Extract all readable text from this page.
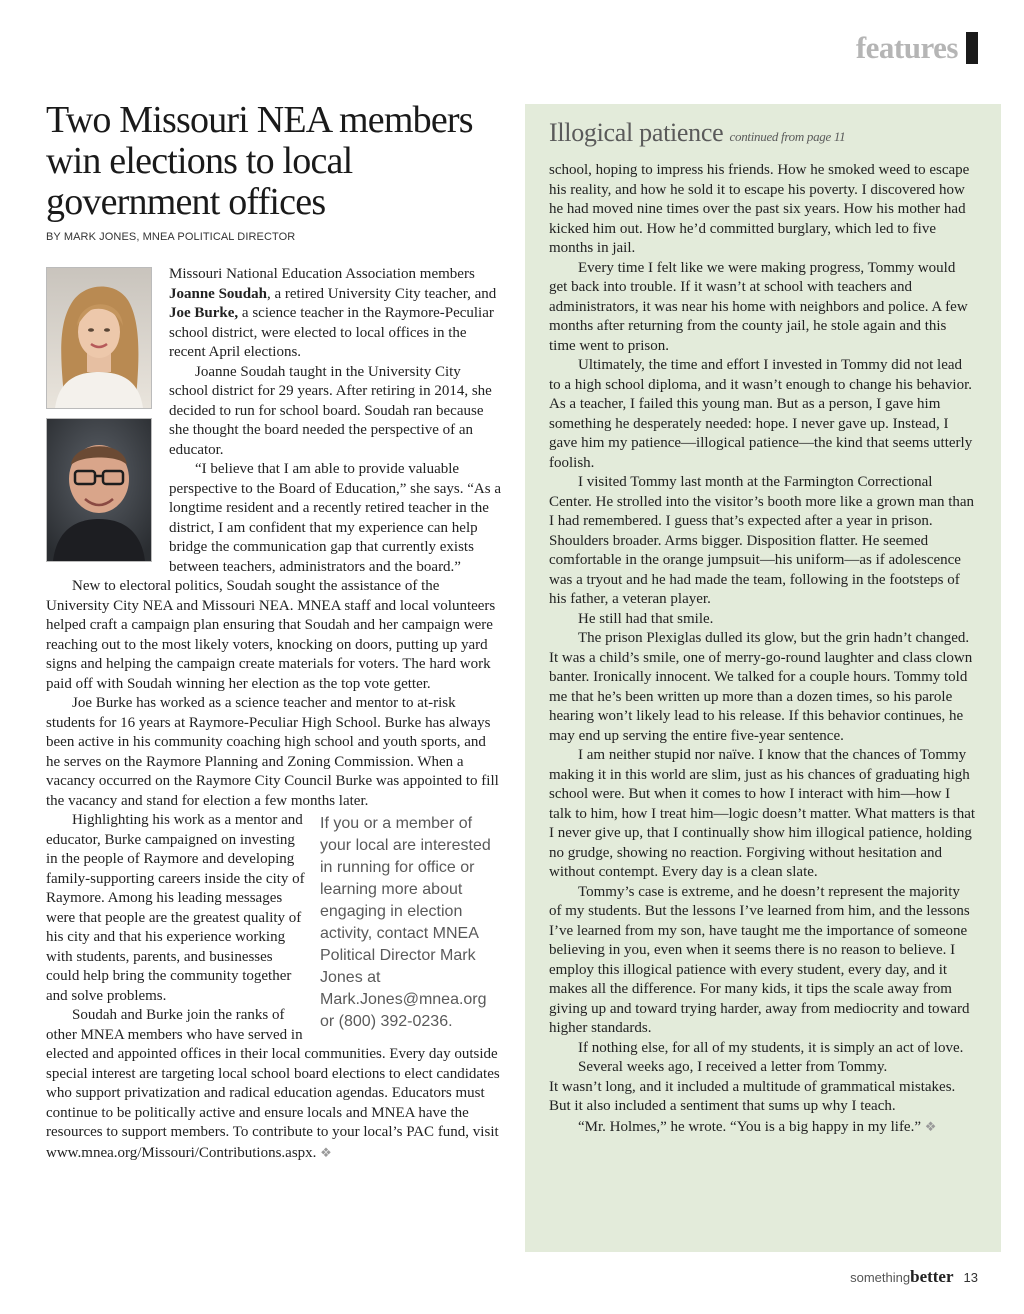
features
Two Missouri NEA members win elections to local government offices
BY MARK JONES, MNEA POLITICAL DIRECTOR

Missouri National Education Association members Joanne Soudah, a retired University City teacher, and Joe Burke, a science teacher in the Raymore-Peculiar school district, were elected to local offices in the recent April elections.

Joanne Soudah taught in the University City school district for 29 years. After retiring in 2014, she decided to run for school board. Soudah ran because she thought the board needed the perspective of an educator.

“I believe that I am able to provide valuable perspective to the Board of Education,” she says. “As a longtime resident and a recently retired teacher in the district, I am confident that my experience can help bridge the communication gap that currently exists between teachers, administrators and the board.”

New to electoral politics, Soudah sought the assistance of the University City NEA and Missouri NEA. MNEA staff and local volunteers helped craft a campaign plan ensuring that Soudah and her campaign were reaching out to the most likely voters, knocking on doors, putting up yard signs and helping the campaign create materials for voters. The hard work paid off with Soudah winning her election as the top vote getter.

Joe Burke has worked as a science teacher and mentor to at-risk students for 16 years at Raymore-Peculiar High School. Burke has always been active in his community coaching high school and youth sports, and he serves on the Raymore Planning and Zoning Commission. When a vacancy occurred on the Raymore City Council Burke was appointed to fill the vacancy and stand for election a few months later.

If you or a member of your local are interested in running for office or learning more about engaging in election activity, contact MNEA Political Director Mark Jones at Mark.Jones@mnea.org or (800) 392-0236.

Highlighting his work as a mentor and educator, Burke campaigned on investing in the people of Raymore and developing family-supporting careers inside the city of Raymore. Among his leading messages were that people are the greatest quality of his city and that his experience working with students, parents, and businesses could help bring the community together and solve problems.

Soudah and Burke join the ranks of other MNEA members who have served in elected and appointed offices in their local communities. Every day outside special interest are targeting local school board elections to elect candidates who support privatization and radical education agendas. Educators must continue to be politically active and ensure locals and MNEA have the resources to support members. To contribute to your local’s PAC fund, visit www.mnea.org/Missouri/Contributions.aspx. ❖

Illogical patience continued from page 11

school, hoping to impress his friends. How he smoked weed to escape his reality, and how he sold it to escape his poverty. I discovered how he had moved nine times over the past six years. How his mother had kicked him out. How he’d committed burglary, which led to five months in jail.

Every time I felt like we were making progress, Tommy would get back into trouble. If it wasn’t at school with teachers and administrators, it was near his home with neighbors and police. A few months after returning from the county jail, he stole again and this time went to prison.

Ultimately, the time and effort I invested in Tommy did not lead to a high school diploma, and it wasn’t enough to change his behavior. As a teacher, I failed this young man. But as a person, I gave him something he desperately needed: hope. I never gave up. Instead, I gave him my patience—illogical patience—the kind that seems utterly foolish.

I visited Tommy last month at the Farmington Correctional Center. He strolled into the visitor’s booth more like a grown man than I had remembered. I guess that’s expected after a year in prison. Shoulders broader. Arms bigger. Disposition flatter. He seemed comfortable in the orange jumpsuit—his uniform—as if adolescence was a tryout and he had made the team, following in the footsteps of his father, a veteran player.

He still had that smile.

The prison Plexiglas dulled its glow, but the grin hadn’t changed. It was a child’s smile, one of merry-go-round laughter and class clown banter. Ironically innocent. We talked for a couple hours. Tommy told me that he’s been written up more than a dozen times, so his parole hearing won’t likely lead to his release. If this behavior continues, he may end up serving the entire five-year sentence.

I am neither stupid nor naïve. I know that the chances of Tommy making it in this world are slim, just as his chances of graduating high school were. But when it comes to how I interact with him—how I talk to him, how I treat him—logic doesn’t matter. What matters is that I never give up, that I continually show him illogical patience, holding no grudge, showing no reaction. Forgiving without hesitation and without contempt. Every day is a clean slate.

Tommy’s case is extreme, and he doesn’t represent the majority of my students. But the lessons I’ve learned from him, and the lessons I’ve learned from my son, have taught me the importance of someone believing in you, even when it seems there is no reason to believe. I employ this illogical patience with every student, every day, and it makes all the difference. For many kids, it tips the scale away from giving up and toward trying harder, away from mediocrity and toward higher standards.

If nothing else, for all of my students, it is simply an act of love.

Several weeks ago, I received a letter from Tommy.

It wasn’t long, and it included a multitude of grammatical mistakes. But it also included a sentiment that sums up why I teach.

“Mr. Holmes,” he wrote. “You is a big happy in my life.” ❖

somethingbetter 13
